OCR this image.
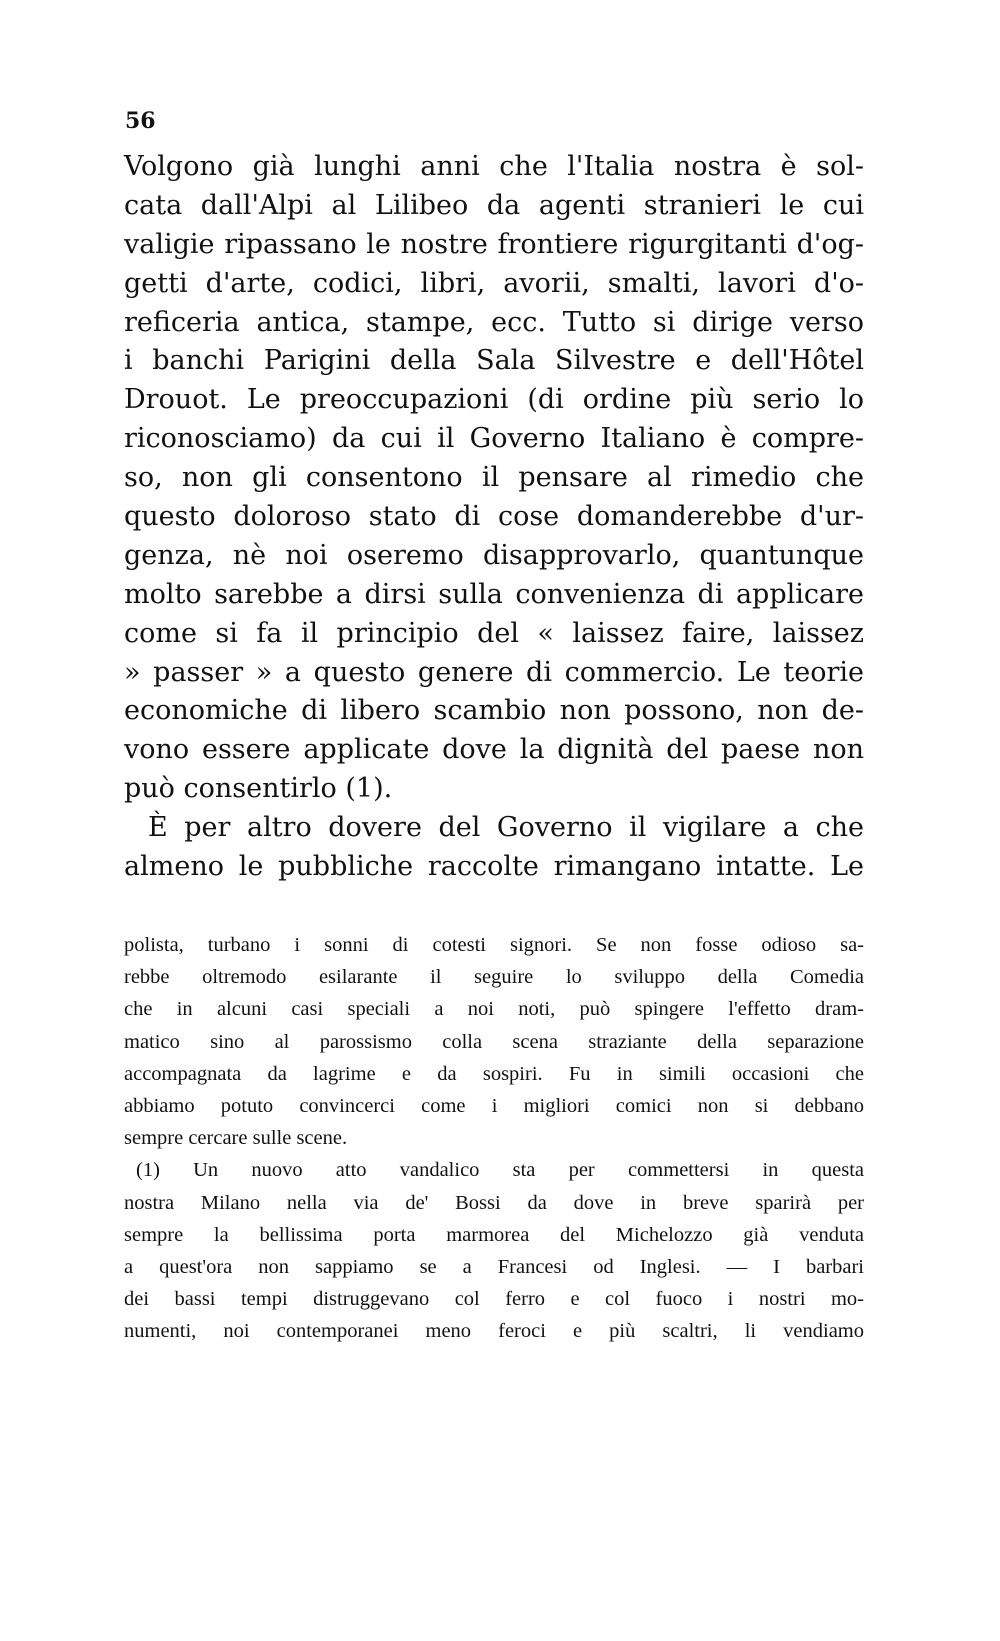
56
Volgono già lunghi anni che l'Italia nostra è sol-
cata dall'Alpi al Lilibeo da agenti stranieri le cui
valigie ripassano le nostre frontiere rigurgitanti d'og-
getti d'arte, codici, libri, avorii, smalti, lavori d'o-
reficeria antica, stampe, ecc. Tutto si dirige verso
i banchi Parigini della Sala Silvestre e dell'Hôtel
Drouot. Le preoccupazioni (di ordine più serio lo
riconosciamo) da cui il Governo Italiano è compre-
so, non gli consentono il pensare al rimedio che
questo doloroso stato di cose domanderebbe d'ur-
genza, nè noi oseremo disapprovarlo, quantunque
molto sarebbe a dirsi sulla convenienza di applicare
come si fa il principio del « laissez faire, laissez
» passer » a questo genere di commercio. Le teorie
economiche di libero scambio non possono, non de-
vono essere applicate dove la dignità del paese non
può consentirlo (1).
È per altro dovere del Governo il vigilare a che
almeno le pubbliche raccolte rimangano intatte. Le
polista, turbano i sonni di cotesti signori. Se non fosse odioso sa-
rebbe oltremodo esilarante il seguire lo sviluppo della Comedia
che in alcuni casi speciali a noi noti, può spingere l'effetto dram-
matico sino al parossismo colla scena straziante della separazione
accompagnata da lagrime e da sospiri. Fu in simili occasioni che
abbiamo potuto convincerci come i migliori comici non si debbano
sempre cercare sulle scene.
(1) Un nuovo atto vandalico sta per commettersi in questa
nostra Milano nella via de' Bossi da dove in breve sparirà per
sempre la bellissima porta marmorea del Michelozzo già venduta
a quest'ora non sappiamo se a Francesi od Inglesi. — I barbari
dei bassi tempi distruggevano col ferro e col fuoco i nostri mo-
numenti, noi contemporanei meno feroci e più scaltri, li vendiamo
